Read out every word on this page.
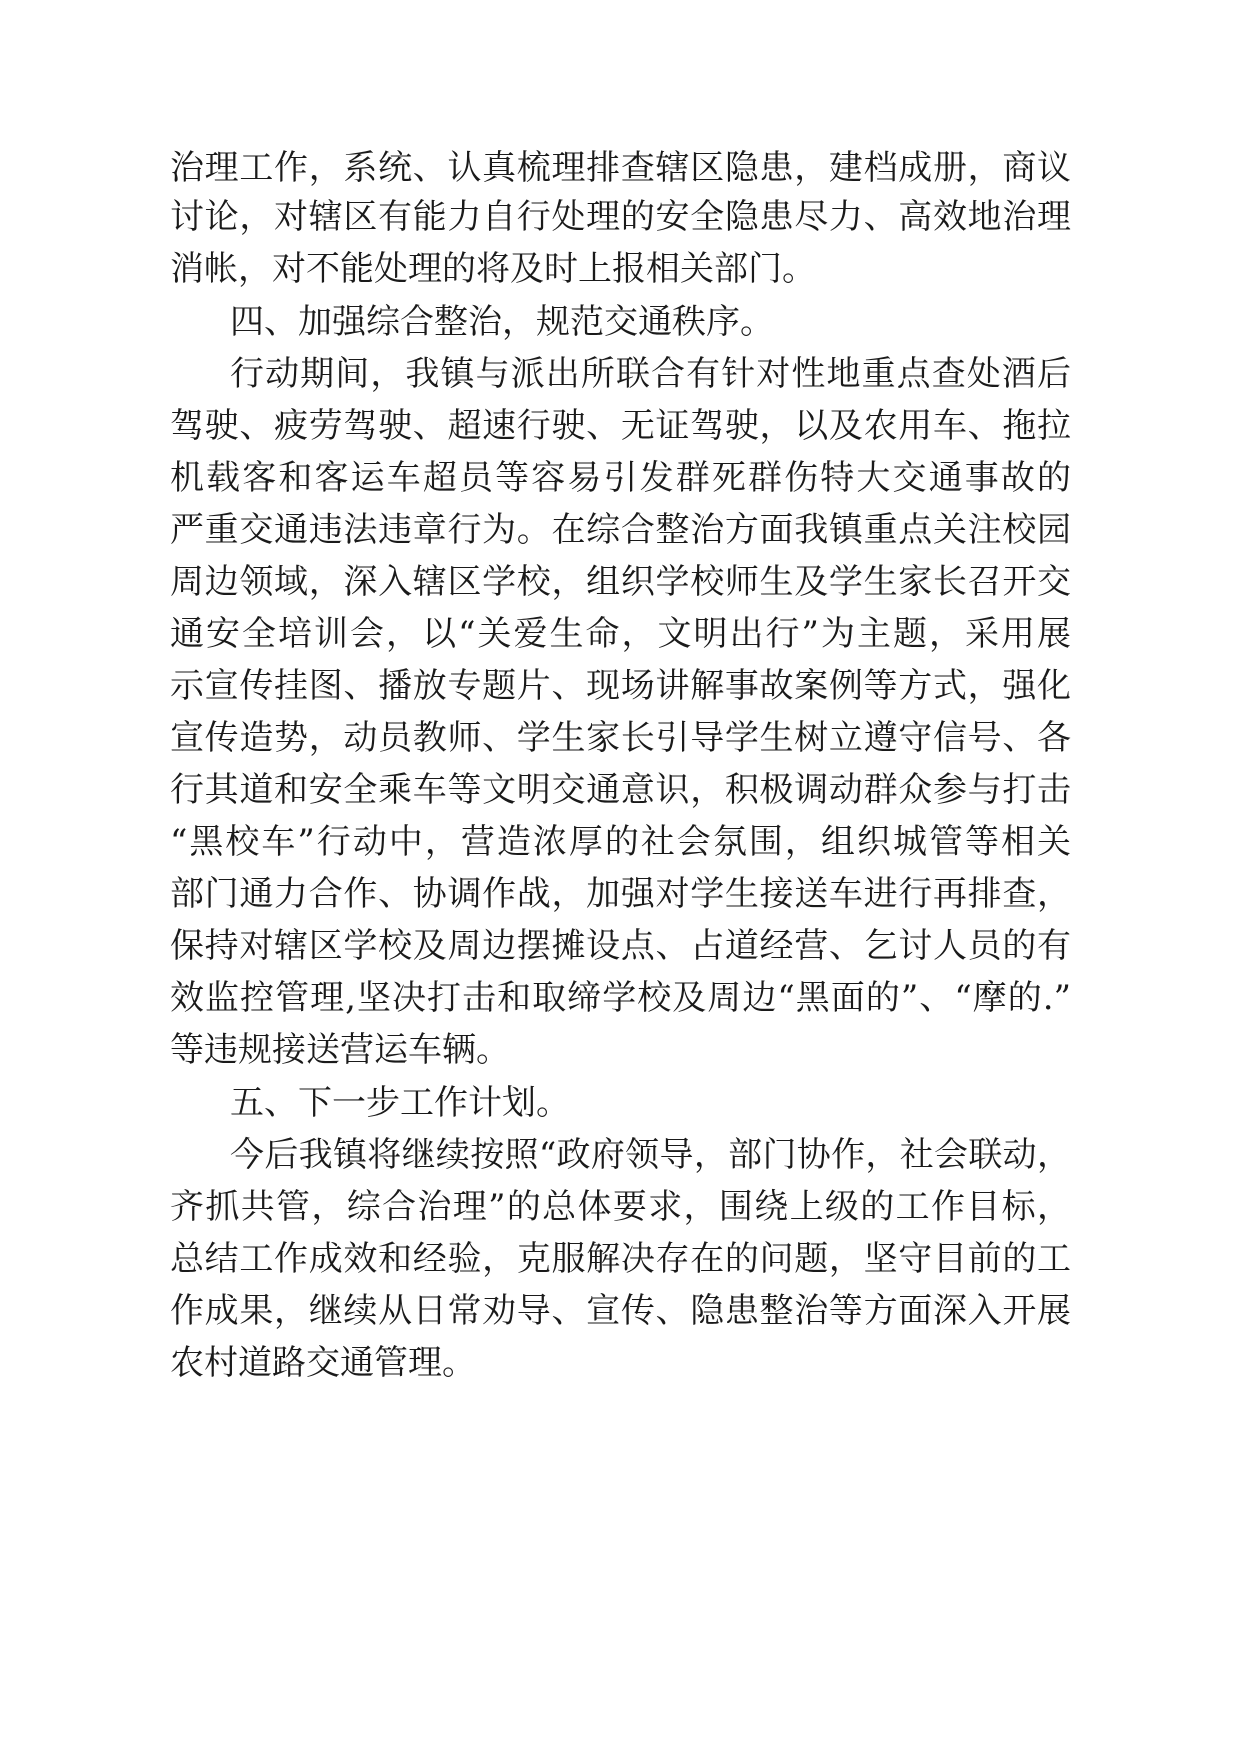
治理工作，系统、认真梳理排查辖区隐患，建档成册，商议
讨论，对辖区有能力自行处理的安全隐患尽力、高效地治理
消帐，对不能处理的将及时上报相关部门。
四、加强综合整治，规范交通秩序。
行动期间，我镇与派出所联合有针对性地重点查处酒后
驾驶、疲劳驾驶、超速行驶、无证驾驶，以及农用车、拖拉
机载客和客运车超员等容易引发群死群伤特大交通事故的
严重交通违法违章行为。在综合整治方面我镇重点关注校园
周边领域，深入辖区学校，组织学校师生及学生家长召开交
通安全培训会，以“关爱生命，文明出行”为主题，采用展
示宣传挂图、播放专题片、现场讲解事故案例等方式，强化
宣传造势，动员教师、学生家长引导学生树立遵守信号、各
行其道和安全乘车等文明交通意识，积极调动群众参与打击
“黑校车”行动中，营造浓厚的社会氛围，组织城管等相关
部门通力合作、协调作战，加强对学生接送车进行再排查，
保持对辖区学校及周边摆摊设点、占道经营、乞讨人员的有
效监控管理,坚决打击和取缔学校及周边“黑面的”、“摩的.”
等违规接送营运车辆。
五、下一步工作计划。
今后我镇将继续按照“政府领导，部门协作，社会联动，
齐抓共管，综合治理”的总体要求，围绕上级的工作目标，
总结工作成效和经验，克服解决存在的问题，坚守目前的工
作成果，继续从日常劝导、宣传、隐患整治等方面深入开展
农村道路交通管理。
